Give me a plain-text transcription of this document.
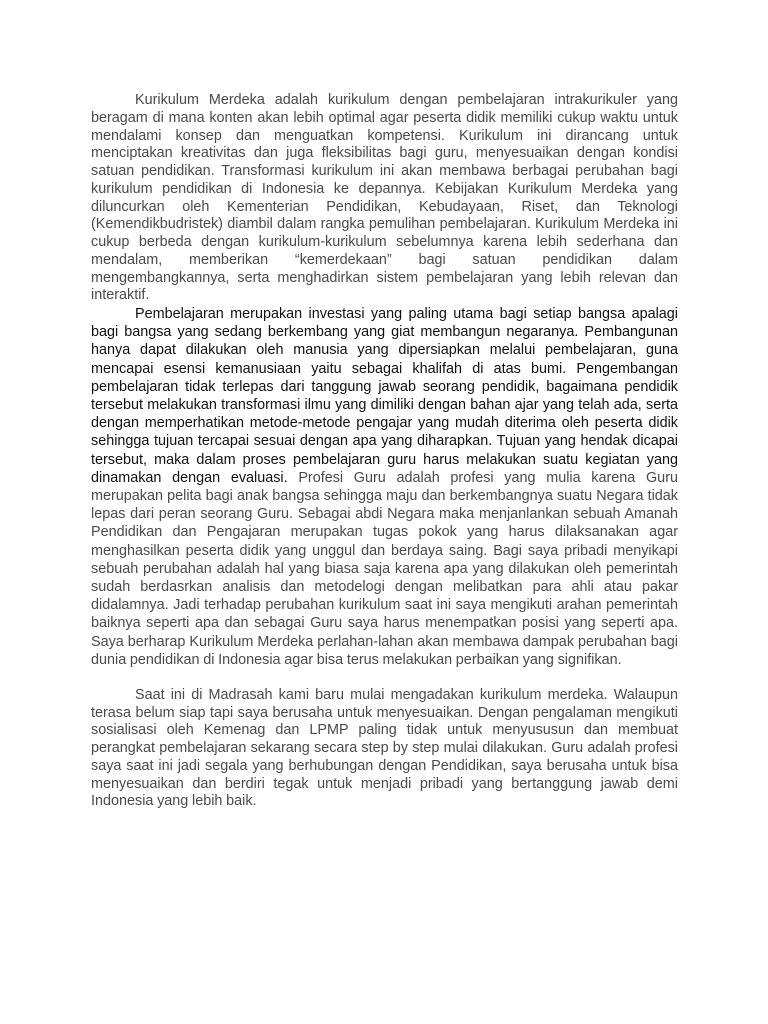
Kurikulum Merdeka adalah kurikulum dengan pembelajaran intrakurikuler yang beragam di mana konten akan lebih optimal agar peserta didik memiliki cukup waktu untuk mendalami konsep dan menguatkan kompetensi. Kurikulum ini dirancang untuk menciptakan kreativitas dan juga fleksibilitas bagi guru, menyesuaikan dengan kondisi satuan pendidikan. Transformasi kurikulum ini akan membawa berbagai perubahan bagi kurikulum pendidikan di Indonesia ke depannya. Kebijakan Kurikulum Merdeka yang diluncurkan oleh Kementerian Pendidikan, Kebudayaan, Riset, dan Teknologi (Kemendikbudristek) diambil dalam rangka pemulihan pembelajaran. Kurikulum Merdeka ini cukup berbeda dengan kurikulum-kurikulum sebelumnya karena lebih sederhana dan mendalam, memberikan “kemerdekaan” bagi satuan pendidikan dalam mengembangkannya, serta menghadirkan sistem pembelajaran yang lebih relevan dan interaktif.

Pembelajaran merupakan investasi yang paling utama bagi setiap bangsa apalagi bagi bangsa yang sedang berkembang yang giat membangun negaranya. Pembangunan hanya dapat dilakukan oleh manusia yang dipersiapkan melalui pembelajaran, guna mencapai esensi kemanusiaan yaitu sebagai khalifah di atas bumi. Pengembangan pembelajaran tidak terlepas dari tanggung jawab seorang pendidik, bagaimana pendidik tersebut melakukan transformasi ilmu yang dimiliki dengan bahan ajar yang telah ada, serta dengan memperhatikan metode-metode pengajar yang mudah diterima oleh peserta didik sehingga tujuan tercapai sesuai dengan apa yang diharapkan. Tujuan yang hendak dicapai tersebut, maka dalam proses pembelajaran guru harus melakukan suatu kegiatan yang dinamakan dengan evaluasi. Profesi Guru adalah profesi yang mulia karena Guru merupakan pelita bagi anak bangsa sehingga maju dan berkembangnya suatu Negara tidak lepas dari peran seorang Guru. Sebagai abdi Negara maka menjanlankan sebuah Amanah Pendidikan dan Pengajaran merupakan tugas pokok yang harus dilaksanakan agar menghasilkan peserta didik yang unggul dan berdaya saing. Bagi saya pribadi menyikapi sebuah perubahan adalah hal yang biasa saja karena apa yang dilakukan oleh pemerintah sudah berdasrkan analisis dan metodelogi dengan melibatkan para ahli atau pakar didalamnya. Jadi terhadap perubahan kurikulum saat ini saya mengikuti arahan pemerintah baiknya seperti apa dan sebagai Guru saya harus menempatkan posisi yang seperti apa. Saya berharap Kurikulum Merdeka perlahan-lahan akan membawa dampak perubahan bagi dunia pendidikan di Indonesia agar bisa terus melakukan perbaikan yang signifikan.

Saat ini di Madrasah kami baru mulai mengadakan kurikulum merdeka. Walaupun terasa belum siap tapi saya berusaha untuk menyesuaikan. Dengan pengalaman mengikuti sosialisasi oleh Kemenag dan LPMP paling tidak untuk menyususun dan membuat perangkat pembelajaran sekarang secara step by step mulai dilakukan. Guru adalah profesi saya saat ini jadi segala yang berhubungan dengan Pendidikan, saya berusaha untuk bisa menyesuaikan dan berdiri tegak untuk menjadi pribadi yang bertanggung jawab demi Indonesia yang lebih baik.
